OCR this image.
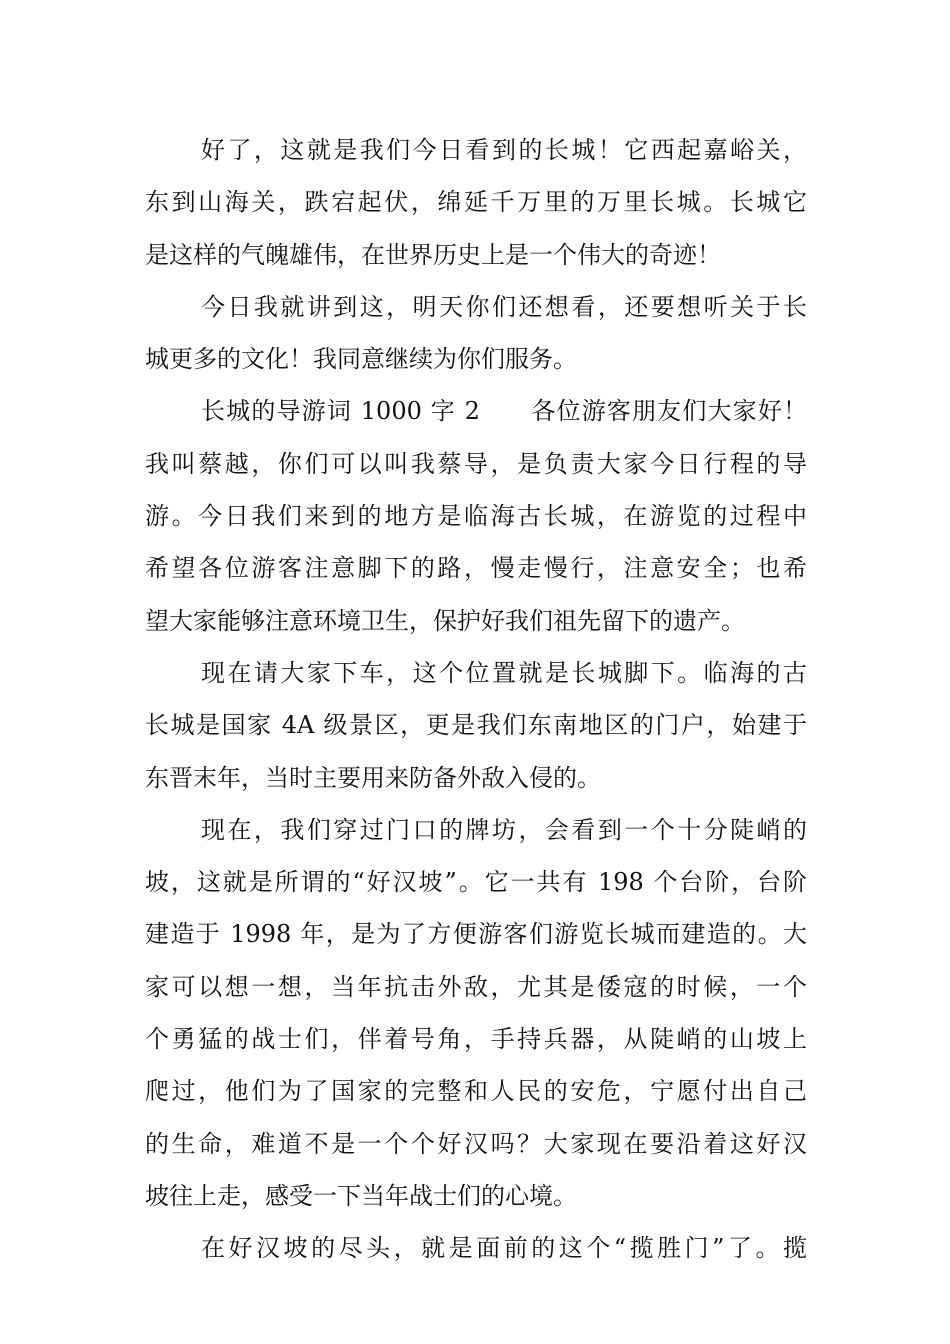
好了，这就是我们今日看到的长城！它西起嘉峪关，
东到山海关，跌宕起伏，绵延千万里的万里长城。长城它
是这样的气魄雄伟，在世界历史上是一个伟大的奇迹！
今日我就讲到这，明天你们还想看，还要想听关于长
城更多的文化！我同意继续为你们服务。
长城的导游词 1000 字 2　　各位游客朋友们大家好！
我叫蔡越，你们可以叫我蔡导，是负责大家今日行程的导
游。今日我们来到的地方是临海古长城，在游览的过程中
希望各位游客注意脚下的路，慢走慢行，注意安全；也希
望大家能够注意环境卫生，保护好我们祖先留下的遗产。
现在请大家下车，这个位置就是长城脚下。临海的古
长城是国家 4A 级景区，更是我们东南地区的门户，始建于
东晋末年，当时主要用来防备外敌入侵的。
现在，我们穿过门口的牌坊，会看到一个十分陡峭的
坡，这就是所谓的“好汉坡”。它一共有 198 个台阶，台阶
建造于 1998 年，是为了方便游客们游览长城而建造的。大
家可以想一想，当年抗击外敌，尤其是倭寇的时候，一个
个勇猛的战士们，伴着号角，手持兵器，从陡峭的山坡上
爬过，他们为了国家的完整和人民的安危，宁愿付出自己
的生命，难道不是一个个好汉吗？大家现在要沿着这好汉
坡往上走，感受一下当年战士们的心境。
在好汉坡的尽头，就是面前的这个“揽胜门”了。揽
